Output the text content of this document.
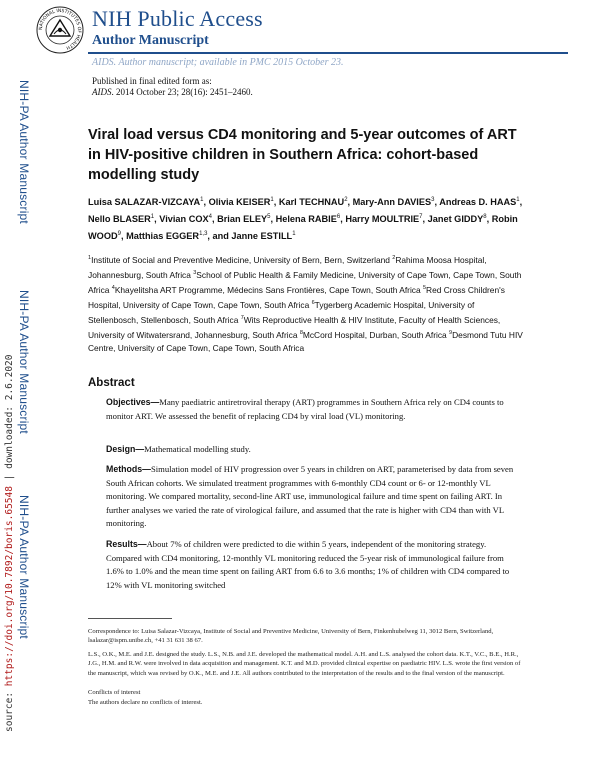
NIH-PA Author Manuscript
NIH-PA Author Manuscript
NIH-PA Author Manuscript
source: https://doi.org/10.7892/boris.65548 | downloaded: 2.6.2020
NATIONAL INSTITUTES OF HEALTH
NIH Public Access
Author Manuscript
AIDS. Author manuscript; available in PMC 2015 October 23.
Published in final edited form as:
AIDS. 2014 October 23; 28(16): 2451–2460.
Viral load versus CD4 monitoring and 5-year outcomes of ART in HIV-positive children in Southern Africa: cohort-based modelling study
Luisa SALAZAR-VIZCAYA$^1$, Olivia KEISER$^1$, Karl TECHNAU$^2$, Mary-Ann DAVIES$^3$, Andreas D. HAAS$^1$, Nello BLASER$^1$, Vivian COX$^4$, Brian ELEY$^5$, Helena RABIE$^6$, Harry MOULTRIE$^7$, Janet GIDDY$^8$, Robin WOOD$^9$, Matthias EGGER$^{1,3}$, and Janne ESTILL$^1$
$^1$Institute of Social and Preventive Medicine, University of Bern, Bern, Switzerland $^2$Rahima Moosa Hospital, Johannesburg, South Africa $^3$School of Public Health & Family Medicine, University of Cape Town, Cape Town, South Africa $^4$Khayelitsha ART Programme, Médecins Sans Frontières, Cape Town, South Africa $^5$Red Cross Children's Hospital, University of Cape Town, Cape Town, South Africa $^6$Tygerberg Academic Hospital, University of Stellenbosch, Stellenbosch, South Africa $^7$Wits Reproductive Health & HIV Institute, Faculty of Health Sciences, University of Witwatersrand, Johannesburg, South Africa $^8$McCord Hospital, Durban, South Africa $^9$Desmond Tutu HIV Centre, University of Cape Town, Cape Town, South Africa
Abstract
Objectives—Many paediatric antiretroviral therapy (ART) programmes in Southern Africa rely on CD4 counts to monitor ART. We assessed the benefit of replacing CD4 by viral load (VL) monitoring.
Design—Mathematical modelling study.
Methods—Simulation model of HIV progression over 5 years in children on ART, parameterised by data from seven South African cohorts. We simulated treatment programmes with 6-monthly CD4 count or 6- or 12-monthly VL monitoring. We compared mortality, second-line ART use, immunological failure and time spent on failing ART. In further analyses we varied the rate of virological failure, and assumed that the rate is higher with CD4 than with VL monitoring.
Results—About 7% of children were predicted to die within 5 years, independent of the monitoring strategy. Compared with CD4 monitoring, 12-monthly VL monitoring reduced the 5-year risk of immunological failure from 1.6% to 1.0% and the mean time spent on failing ART from 6.6 to 3.6 months; 1% of children with CD4 compared to 12% with VL monitoring switched
Correspondence to: Luisa Salazar-Vizcaya, Institute of Social and Preventive Medicine, University of Bern, Finkenhubelweg 11, 3012 Bern, Switzerland, lsalazar@ispm.unibe.ch, +41 31 631 38 67.
L.S., O.K., M.E. and J.E. designed the study. L.S., N.B. and J.E. developed the mathematical model. A.H. and L.S. analysed the cohort data. K.T., V.C., B.E., H.R., J.G., H.M. and R.W. were involved in data acquisition and management. K.T. and M.D. provided clinical expertise on paediatric HIV. L.S. wrote the first version of the manuscript, which was revised by O.K., M.E. and J.E. All authors contributed to the interpretation of the results and to the final version of the manuscript.
Conflicts of interest
The authors declare no conflicts of interest.
